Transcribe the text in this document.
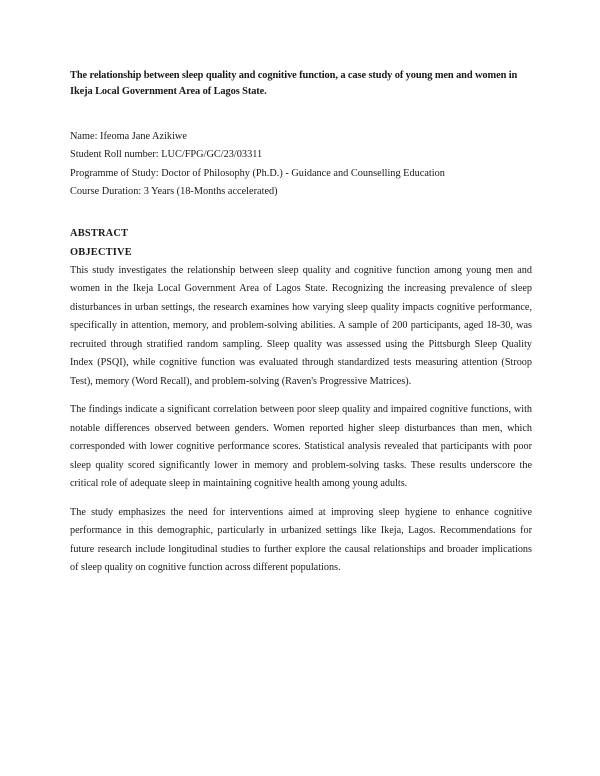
The relationship between sleep quality and cognitive function, a case study of young men and women in Ikeja Local Government Area of Lagos State.

Name: Ifeoma Jane Azikiwe
Student Roll number: LUC/FPG/GC/23/03311
Programme of Study: Doctor of Philosophy (Ph.D.) - Guidance and Counselling Education
Course Duration: 3 Years (18-Months accelerated)
ABSTRACT
OBJECTIVE

This study investigates the relationship between sleep quality and cognitive function among young men and women in the Ikeja Local Government Area of Lagos State. Recognizing the increasing prevalence of sleep disturbances in urban settings, the research examines how varying sleep quality impacts cognitive performance, specifically in attention, memory, and problem-solving abilities. A sample of 200 participants, aged 18-30, was recruited through stratified random sampling. Sleep quality was assessed using the Pittsburgh Sleep Quality Index (PSQI), while cognitive function was evaluated through standardized tests measuring attention (Stroop Test), memory (Word Recall), and problem-solving (Raven's Progressive Matrices).

The findings indicate a significant correlation between poor sleep quality and impaired cognitive functions, with notable differences observed between genders. Women reported higher sleep disturbances than men, which corresponded with lower cognitive performance scores. Statistical analysis revealed that participants with poor sleep quality scored significantly lower in memory and problem-solving tasks. These results underscore the critical role of adequate sleep in maintaining cognitive health among young adults.

The study emphasizes the need for interventions aimed at improving sleep hygiene to enhance cognitive performance in this demographic, particularly in urbanized settings like Ikeja, Lagos. Recommendations for future research include longitudinal studies to further explore the causal relationships and broader implications of sleep quality on cognitive function across different populations.
